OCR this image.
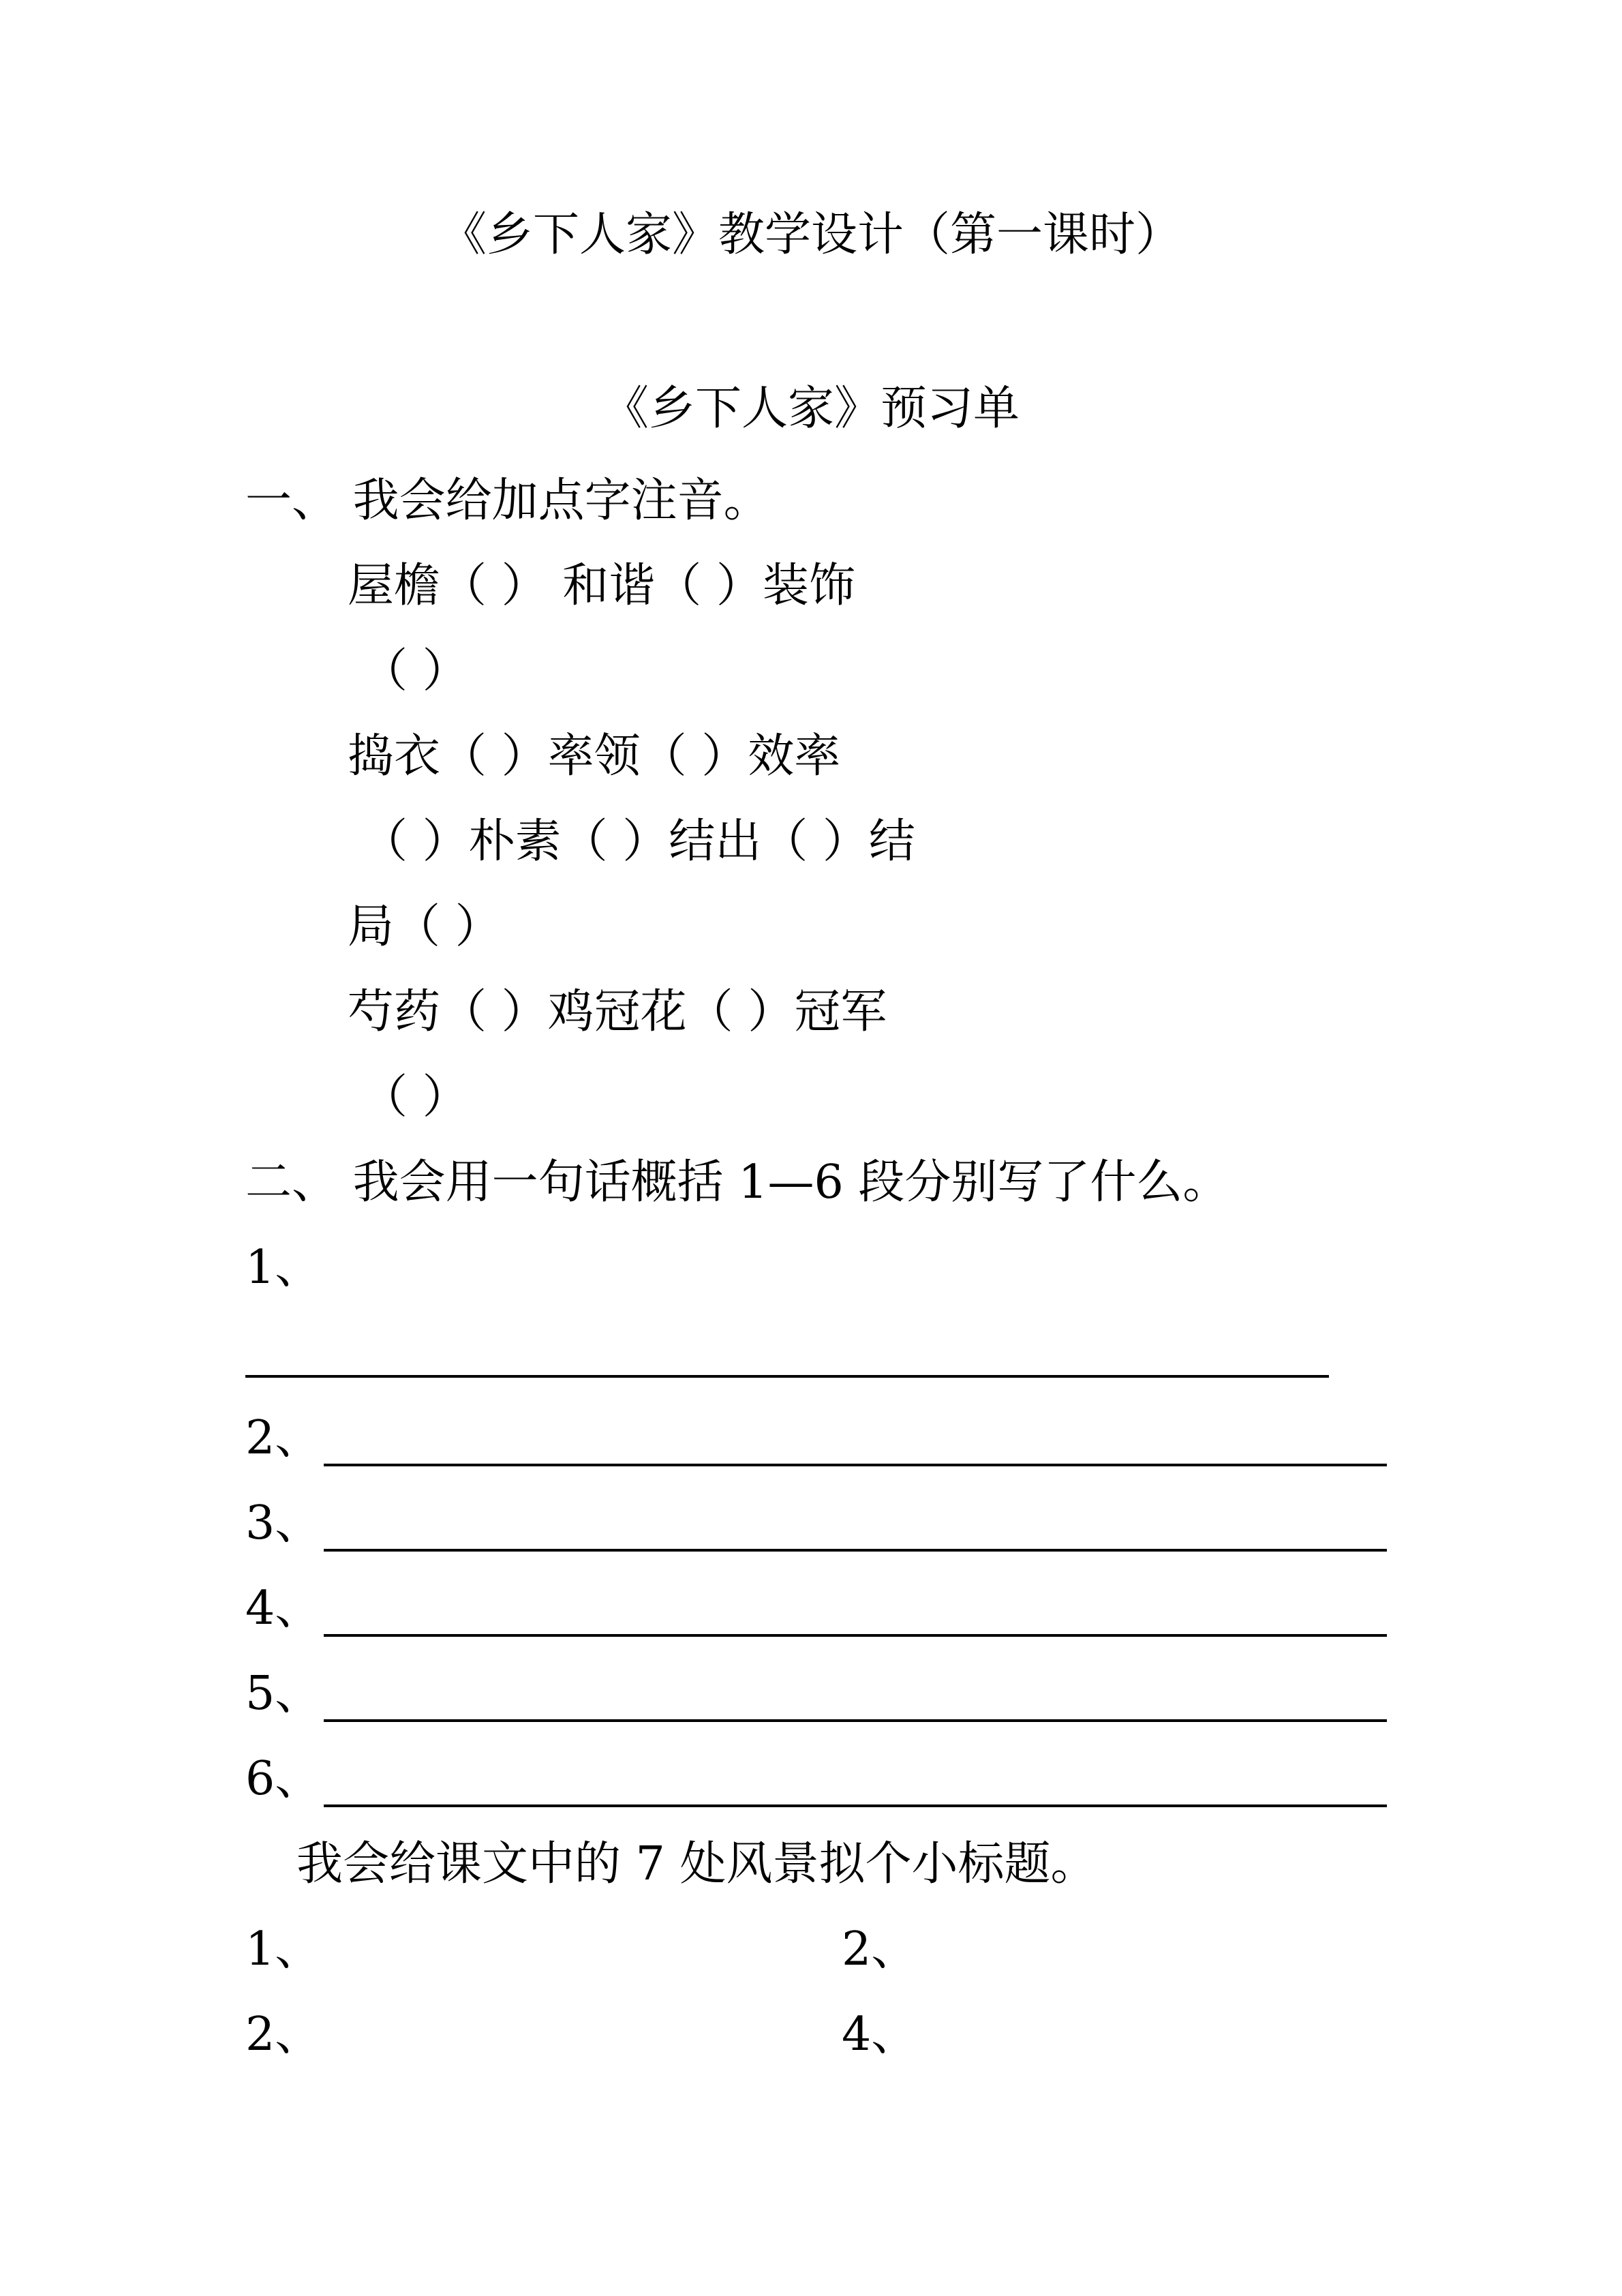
《乡下人家》教学设计（第一课时）
《乡下人家》预习单
一、 我会给加点字注音。
屋檐（ ） 和谐（ ）装饰
（ ）
捣衣（ ）率领（ ）效率
（ ）朴素（ ）结出（ ）结
局（ ）
芍药（ ）鸡冠花（ ）冠军
（ ）
二、 我会用一句话概括 1—6 段分别写了什么。
1、
2、
3、
4、
5、
6、
我会给课文中的 7 处风景拟个小标题。
1、	2、
2、	4、
